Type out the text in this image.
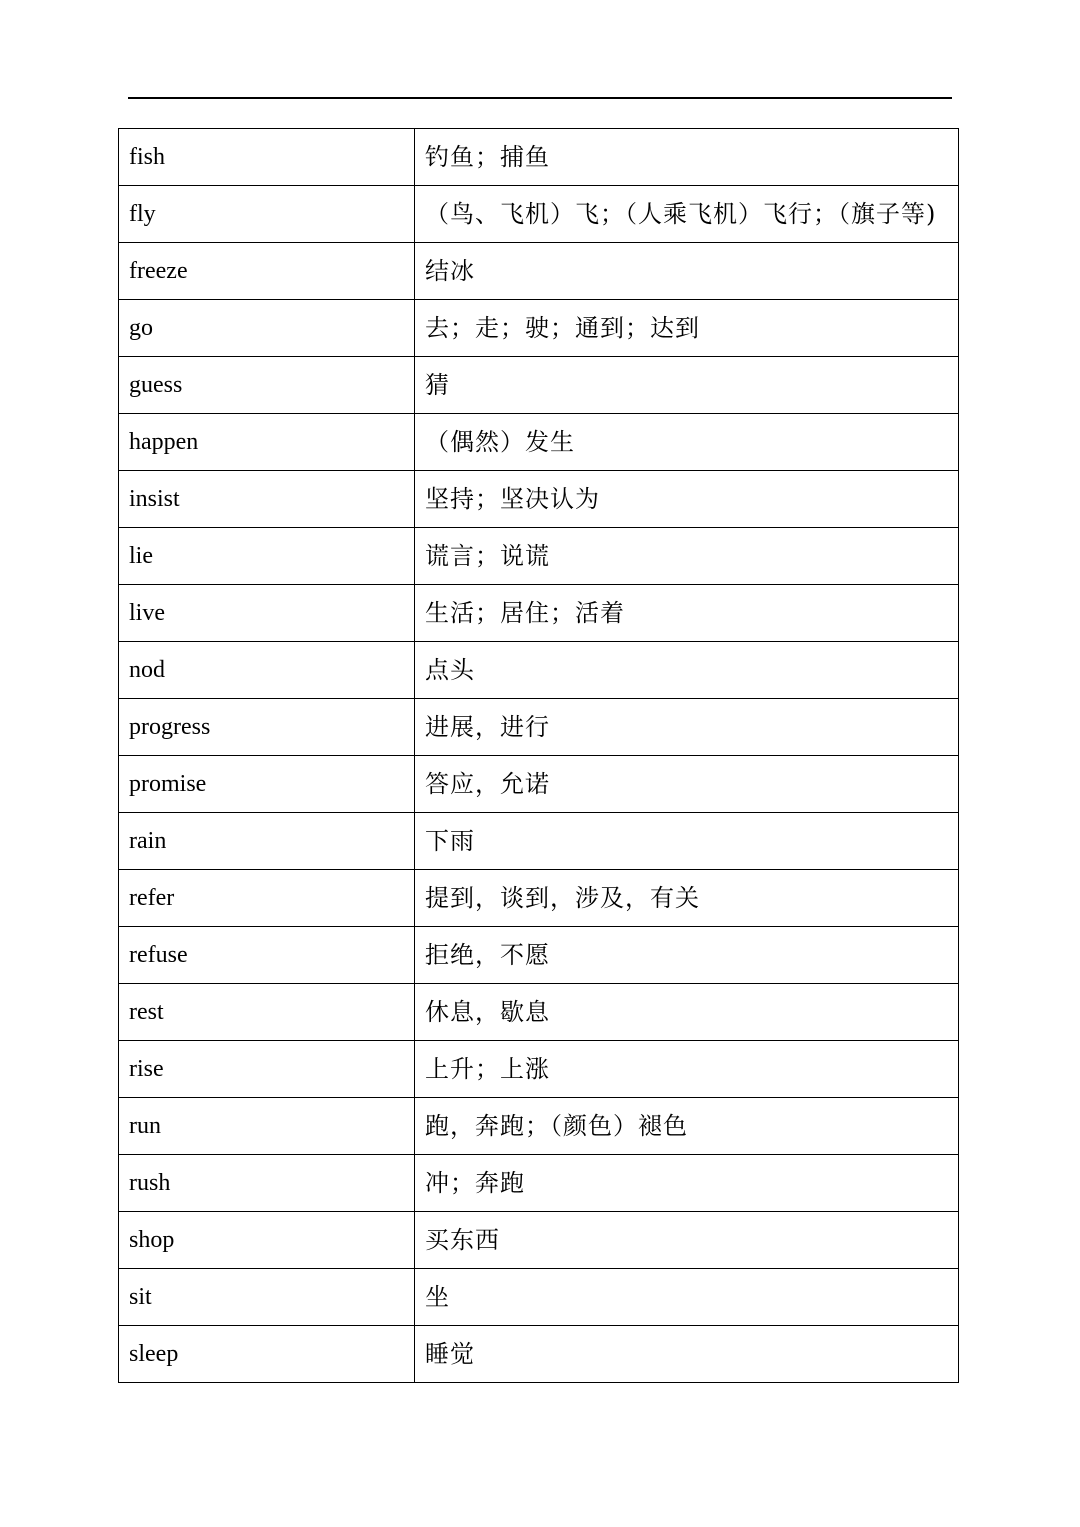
fish	钓鱼；捕鱼
fly	（鸟、飞机）飞；（人乘飞机）飞行；（旗子等)
freeze	结冰
go	去；走；驶；通到；达到
guess	猜
happen	（偶然）发生
insist	坚持；坚决认为
lie	谎言；说谎
live	生活；居住；活着
nod	点头
progress	进展，进行
promise	答应，允诺
rain	下雨
refer	提到，谈到，涉及，有关
refuse	拒绝，不愿
rest	休息，歇息
rise	上升；上涨
run	跑，奔跑；（颜色）褪色
rush	冲；奔跑
shop	买东西
sit	坐
sleep	睡觉
